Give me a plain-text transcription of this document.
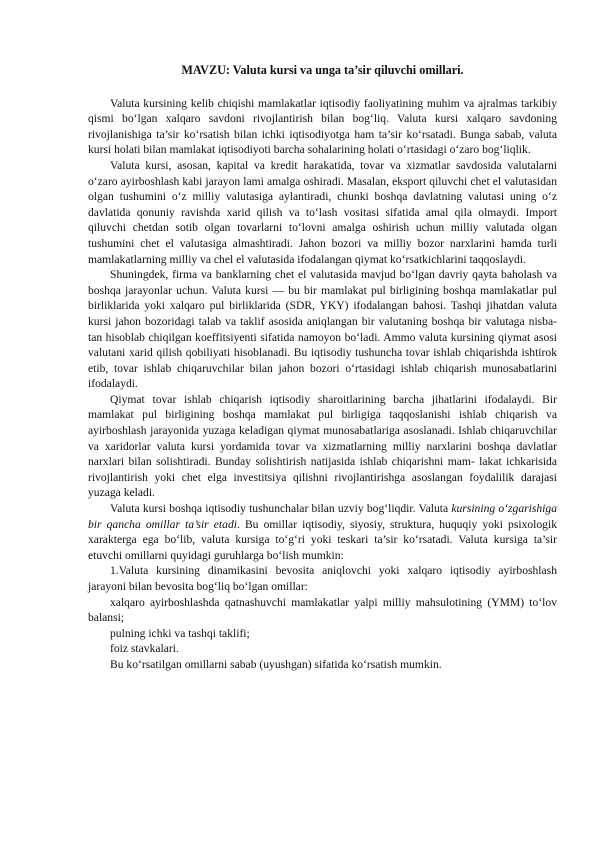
MAVZU: Valuta kursi va unga ta’sir qiluvchi omillari.

Valuta kursining kelib chiqishi mamlakatlar iqtisodiy faoliyatining muhim va ajralmas tarkibiy qismi bo‘lgan xalqaro savdoni rivojlantirish bilan bog‘liq. Valuta kursi xalqaro savdoning rivojlanishiga ta’sir ko‘rsatish bilan ichki iqtisodiyotga ham ta’sir ko‘rsatadi. Bunga sabab, valuta kursi holati bilan mamlakat iqtisodiyoti barcha sohalarining holati o‘rtasidagi o‘zaro bog‘liqlik.

Valuta kursi, asosan, kapital va kredit harakatida, tovar va xizmatlar savdosida valutalarni o‘zaro ayirboshlash kabi jarayon lami amalga oshiradi. Masalan, eksport qiluvchi chet el valutasidan olgan tushumini o‘z milliy valutasiga aylantiradi, chunki boshqa davlatning valutasi uning o‘z davlatida qonuniy ravishda xarid qilish va to‘lash vositasi sifatida amal qila olmaydi. Import qiluvchi chetdan sotib olgan tovarlarni to‘lovni amalga oshirish uchun milliy valutada olgan tushumini chet el valutasiga almashtiradi. Jahon bozori va milliy bozor narxlarini hamda turli mamlakatlarning milliy va chel el valutasida ifodalangan qiymat ko‘rsatkichlarini taqqoslaydi.

Shuningdek, firma va banklarning chet el valutasida mavjud bo‘lgan davriy qayta baholash va boshqa jarayonlar uchun. Valuta kursi — bu bir mamlakat pul birligining boshqa mamlakatlar pul birliklarida yoki xalqaro pul birliklarida (SDR, YKY) ifodalangan bahosi. Tashqi jihatdan valuta kursi jahon bozoridagi talab va taklif asosida aniqlangan bir valutaning boshqa bir valutaga nisba- tan hisoblab chiqilgan koeffitsiyenti sifatida namoyon bo‘ladi. Ammo valuta kursining qiymat asosi valutani xarid qilish qobiliyati hisoblanadi. Bu iqtisodiy tushuncha tovar ishlab chiqarishda ishtirok etib, tovar ishlab chiqaruvchilar bilan jahon bozori o‘rtasidagi ishlab chiqarish munosabatlarini ifodalaydi.

Qiymat tovar ishlab chiqarish iqtisodiy sharoitlarining barcha jihatlarini ifodalaydi. Bir mamlakat pul birligining boshqa mamlakat pul birligiga taqqoslanishi ishlab chiqarish va ayirboshlash jarayonida yuzaga keladigan qiymat munosabatlariga asoslanadi. Ishlab chiqaruvchilar va xaridorlar valuta kursi yordamida tovar va xizmatlarning milliy narxlarini boshqa davlatlar narxlari bilan solishtiradi. Bunday solishtirish natijasida ishlab chiqarishni mam- lakat ichkarisida rivojlantirish yoki chet elga investitsiya qilishni rivojlantirishga asoslangan foydalilik darajasi yuzaga keladi.

Valuta kursi boshqa iqtisodiy tushunchalar bilan uzviy bog‘liqdir. Valuta kursining o‘zgarishiga bir qancha omillar ta’sir etadi. Bu omillar iqtisodiy, siyosiy, struktura, huquqiy yoki psixologik xarakterga ega bo‘lib, valuta kursiga to‘g‘ri yoki teskari ta’sir ko‘rsatadi. Valuta kursiga ta’sir etuvchi omillarni quyidagi guruhlarga bo‘lish mumkin:

1.Valuta kursining dinamikasini bevosita aniqlovchi yoki xalqaro iqtisodiy ayirboshlash jarayoni bilan bevosita bog‘liq bo‘lgan omillar:

xalqaro ayirboshlashda qatnashuvchi mamlakatlar yalpi milliy mahsulotining (YMM) to‘lov balansi;

pulning ichki va tashqi taklifi;

foiz stavkalari.

Bu ko‘rsatilgan omillarni sabab (uyushgan) sifatida ko‘rsatish mumkin.
